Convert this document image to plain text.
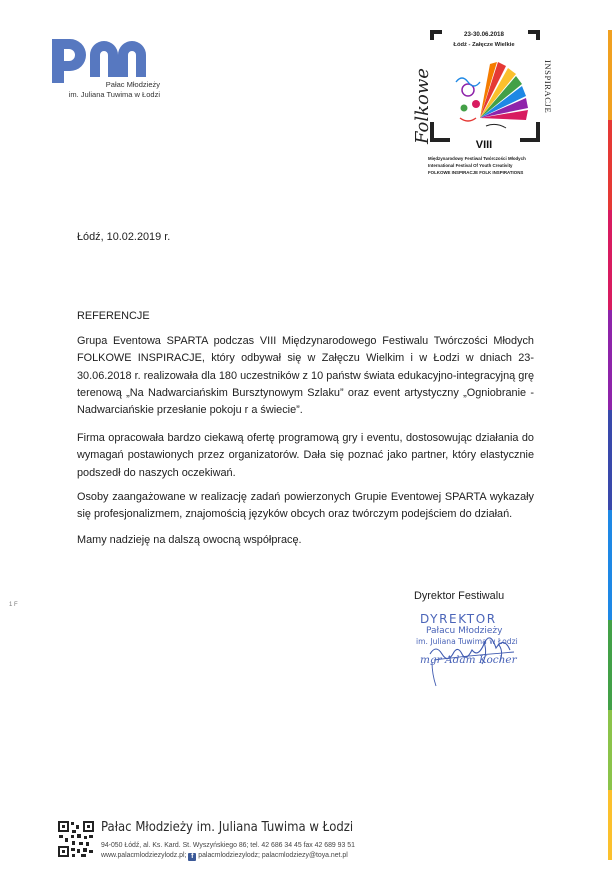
Pałac Młodzieży
im. Juliana Tuwima w Łodzi
23-30.06.2018
Łódź - Załęcze Wielkie
Folkowe	INSPIRACJE
VIII
Międzynarodowy Festiwal Twórczości Młodych
International Festival Of Youth Creativity
FOLKOWE INSPIRACJE FOLK INSPIRATIONS
Łódź, 10.02.2019 r.
REFERENCJE
Grupa Eventowa SPARTA podczas VIII Międzynarodowego Festiwalu Twórczości Młodych FOLKOWE INSPIRACJE, który odbywał się w Załęczu Wielkim i w Łodzi w dniach 23-30.06.2018 r. realizowała dla 180 uczestników z 10 państw świata edukacyjno-integracyjną grę terenową „Na Nadwarciańskim Bursztynowym Szlaku” oraz event artystyczny „Ogniobranie - Nadwarciańskie przesłanie pokoju r a świecie”.
Firma opracowała bardzo ciekawą ofertę programową gry i eventu, dostosowując działania do wymagań postawionych przez organizatorów. Dała się poznać jako partner, który elastycznie podszedł do naszych oczekiwań.
Osoby zaangażowane w realizację zadań powierzonych Grupie Eventowej SPARTA wykazały się profesjonalizmem, znajomością języków obcych oraz twórczym podejściem do działań.
Mamy nadzieję na dalszą owocną współpracę.
Dyrektor Festiwalu
DYREKTOR
Pałacu Młodzieży
im. Juliana Tuwima w Łodzi
mgr Adam Kocher
1 F
Pałac Młodzieży im. Juliana Tuwima w Łodzi
94-050 Łódź, al. Ks. Kard. St. Wyszyńskiego 86; tel. 42 686 34 45 fax 42 689 93 51
www.palacmlodziezylodz.pl; f palacmlodziezylodz; palacmlodziezy@toya.net.pl
